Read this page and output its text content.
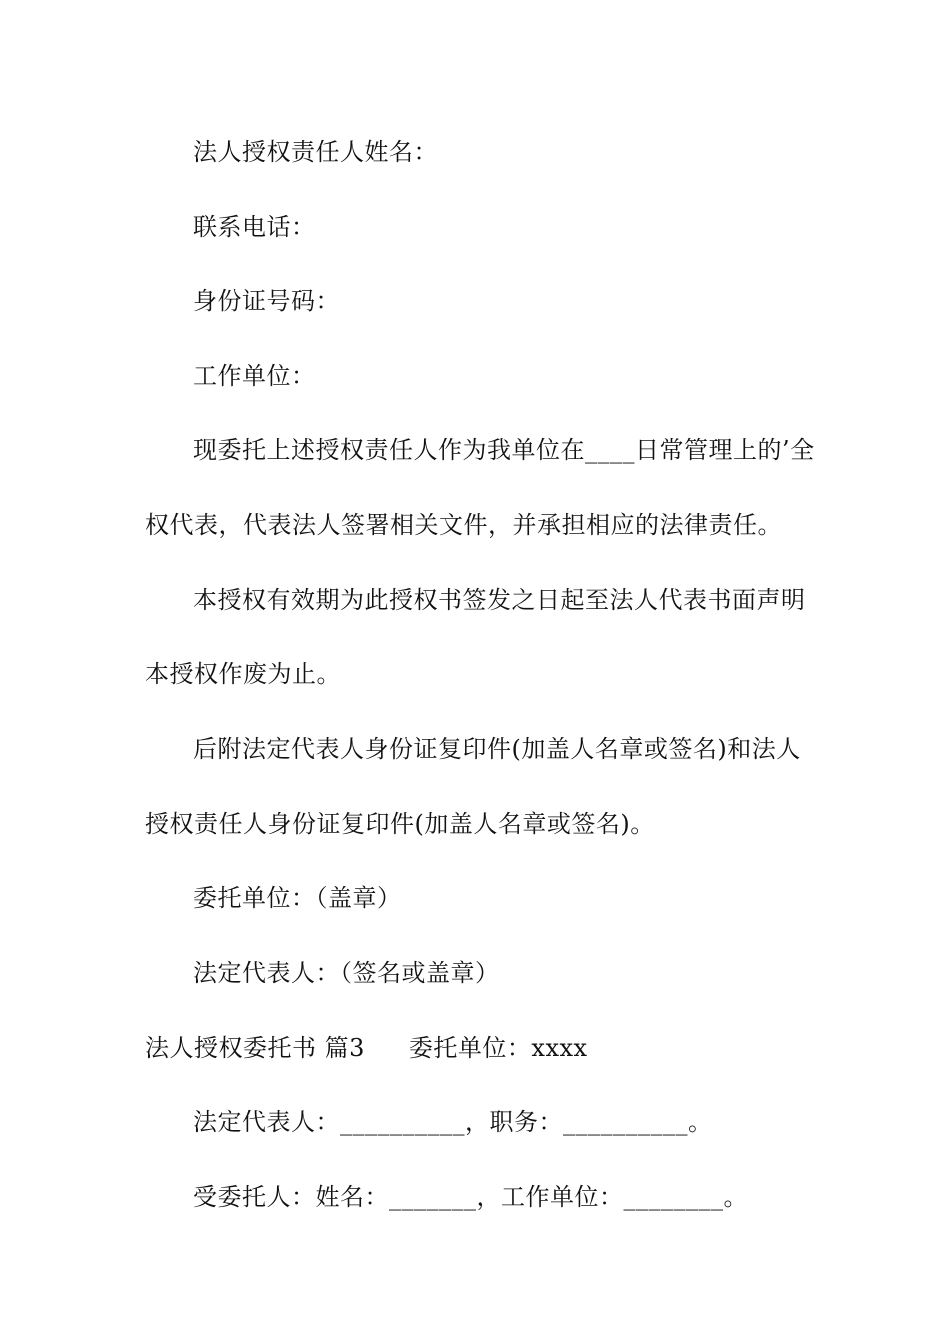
法人授权责任人姓名：
联系电话：
身份证号码：
工作单位：
现委托上述授权责任人作为我单位在____日常管理上的’全
权代表，代表法人签署相关文件，并承担相应的法律责任。
本授权有效期为此授权书签发之日起至法人代表书面声明
本授权作废为止。
后附法定代表人身份证复印件(加盖人名章或签名)和法人
授权责任人身份证复印件(加盖人名章或签名)。
委托单位：（盖章）
法定代表人：（签名或盖章）
法人授权委托书 篇3 委托单位：xxxx
法定代表人：__________，职务：__________。
受委托人：姓名：_______，工作单位：________。
